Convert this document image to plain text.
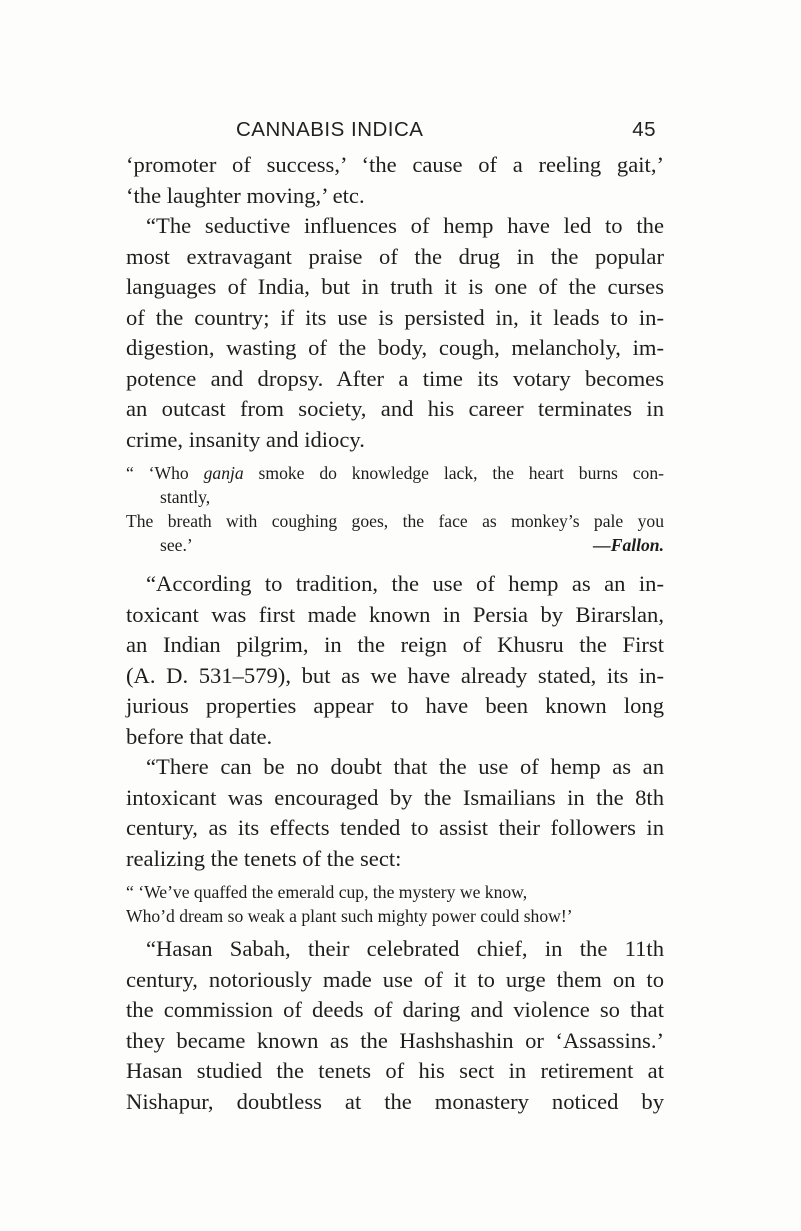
CANNABIS INDICA	45
‘promoter of success,’ ‘the cause of a reeling gait,’
‘the laughter moving,’ etc.
“The seductive influences of hemp have led to the
most extravagant praise of the drug in the popular
languages of India, but in truth it is one of the curses
of the country; if its use is persisted in, it leads to in-
digestion, wasting of the body, cough, melancholy, im-
potence and dropsy. After a time its votary becomes
an outcast from society, and his career terminates in
crime, insanity and idiocy.
“ ‘Who ganja smoke do knowledge lack, the heart burns con-
stantly,
The breath with coughing goes, the face as monkey’s pale you
see.’	—Fallon.
“According to tradition, the use of hemp as an in-
toxicant was first made known in Persia by Birarslan,
an Indian pilgrim, in the reign of Khusru the First
(A. D. 531–579), but as we have already stated, its in-
jurious properties appear to have been known long
before that date.
“There can be no doubt that the use of hemp as an
intoxicant was encouraged by the Ismailians in the 8th
century, as its effects tended to assist their followers in
realizing the tenets of the sect:
“ ‘We’ve quaffed the emerald cup, the mystery we know,
Who’d dream so weak a plant such mighty power could show!’
“Hasan Sabah, their celebrated chief, in the 11th
century, notoriously made use of it to urge them on to
the commission of deeds of daring and violence so that
they became known as the Hashshashin or ‘Assassins.’
Hasan studied the tenets of his sect in retirement at
Nishapur, doubtless at the monastery noticed by
